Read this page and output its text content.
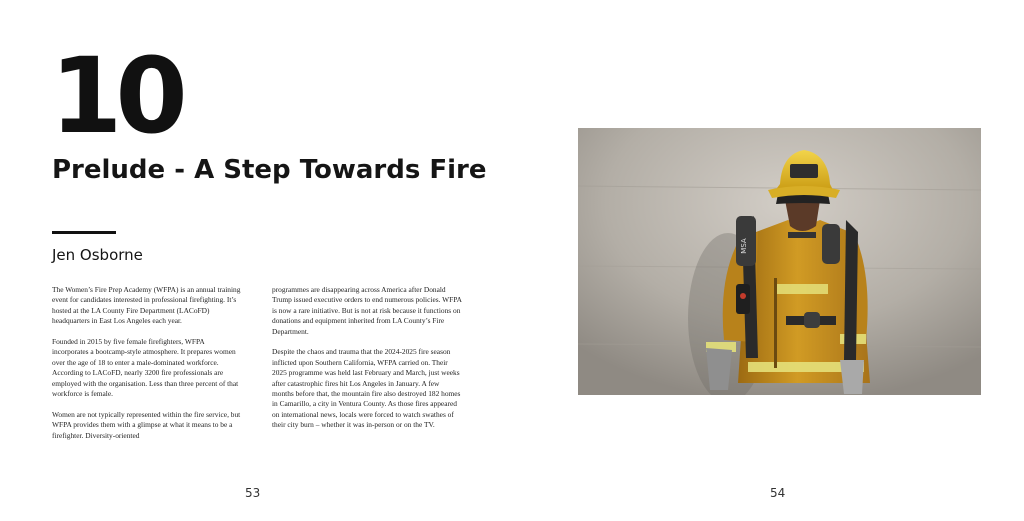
10
Prelude - A Step Towards Fire
Jen Osborne

The Women’s Fire Prep Academy (WFPA) is an annual training event for candidates interested in professional firefighting. It’s hosted at the LA County Fire Department (LACoFD) headquarters in East Los Angeles each year.

Founded in 2015 by five female firefighters, WFPA incorporates a bootcamp-style atmosphere. It prepares women over the age of 18 to enter a male-dominated workforce. According to LACoFD, nearly 3200 fire professionals are employed with the organisation. Less than three percent of that workforce is female.

Women are not typically represented within the fire service, but WFPA provides them with a glimpse at what it means to be a firefighter. Diversity-oriented

programmes are disappearing across America after Donald Trump issued executive orders to end numerous policies. WFPA is now a rare initiative. But is not at risk because it functions on donations and equipment inherited from LA County’s Fire Department.

Despite the chaos and trauma that the 2024-2025 fire season inflicted upon Southern California, WFPA carried on. Their 2025 programme was held last February and March, just weeks after catastrophic fires hit Los Angeles in January. A few months before that, the mountain fire also destroyed 182 homes in Camarillo, a city in Ventura County. As those fires appeared on international news, locals were forced to watch swathes of their city burn – whether it was in-person or on the TV.

53
MSA
54
